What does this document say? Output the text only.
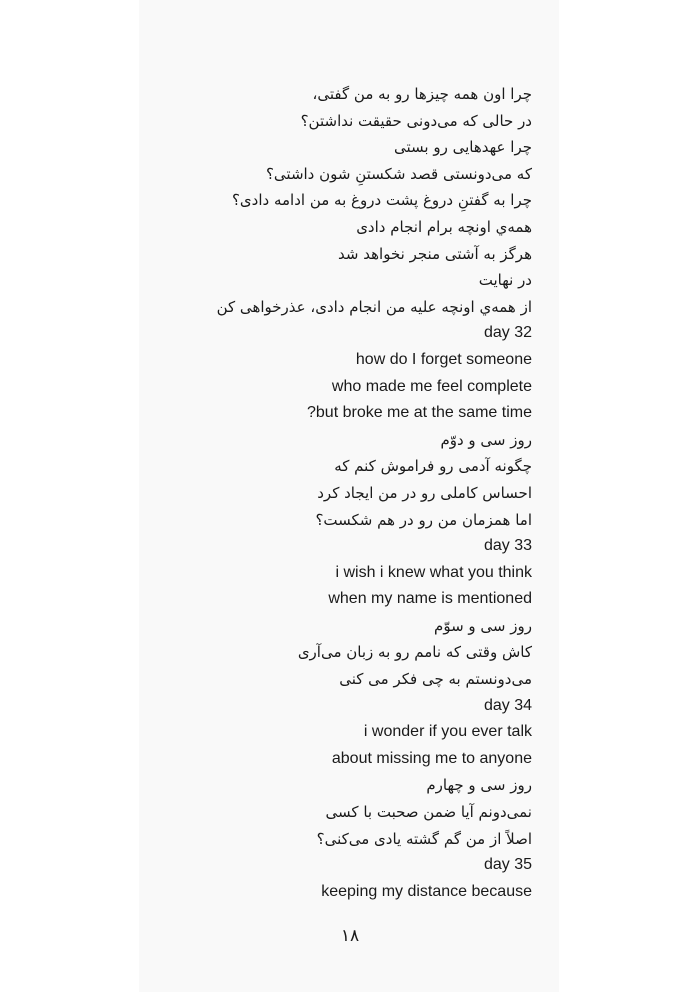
چرا اون همه چیزها رو به من گفتی،
در حالی که می‌دونی حقیقت نداشتن؟
چرا عهدهایی رو بستی
که می‌دونستی قصد شکستنِ شون داشتی؟
چرا به گفتنِ دروغ پشت دروغ به من ادامه دادی؟
همه‌ي اونچه برام انجام دادی
هرگز به آشتی منجر نخواهد شد
در نهایت
از همه‌ي اونچه علیه من انجام دادی، عذرخواهی کن
day 32
how do I forget someone
who made me feel complete
?but broke me at the same time
روز سی و دوّم
چگونه آدمی رو فراموش کنم که
احساس کاملی رو در من ایجاد کرد
اما همزمان من رو در هم شکست؟
day 33
i wish i knew what you think
when my name is mentioned
روز سی و سوّم
کاش وقتی که نامم رو به زبان می‌آری
می‌دونستم به چی فکر می کنی
day 34
i wonder if you ever talk
about missing me to anyone
روز سی و چهارم
نمی‌دونم آیا ضمن صحبت با کسی
اصلاً از من گم گشته یادی می‌کنی؟
day 35
keeping my distance because
۱۸
